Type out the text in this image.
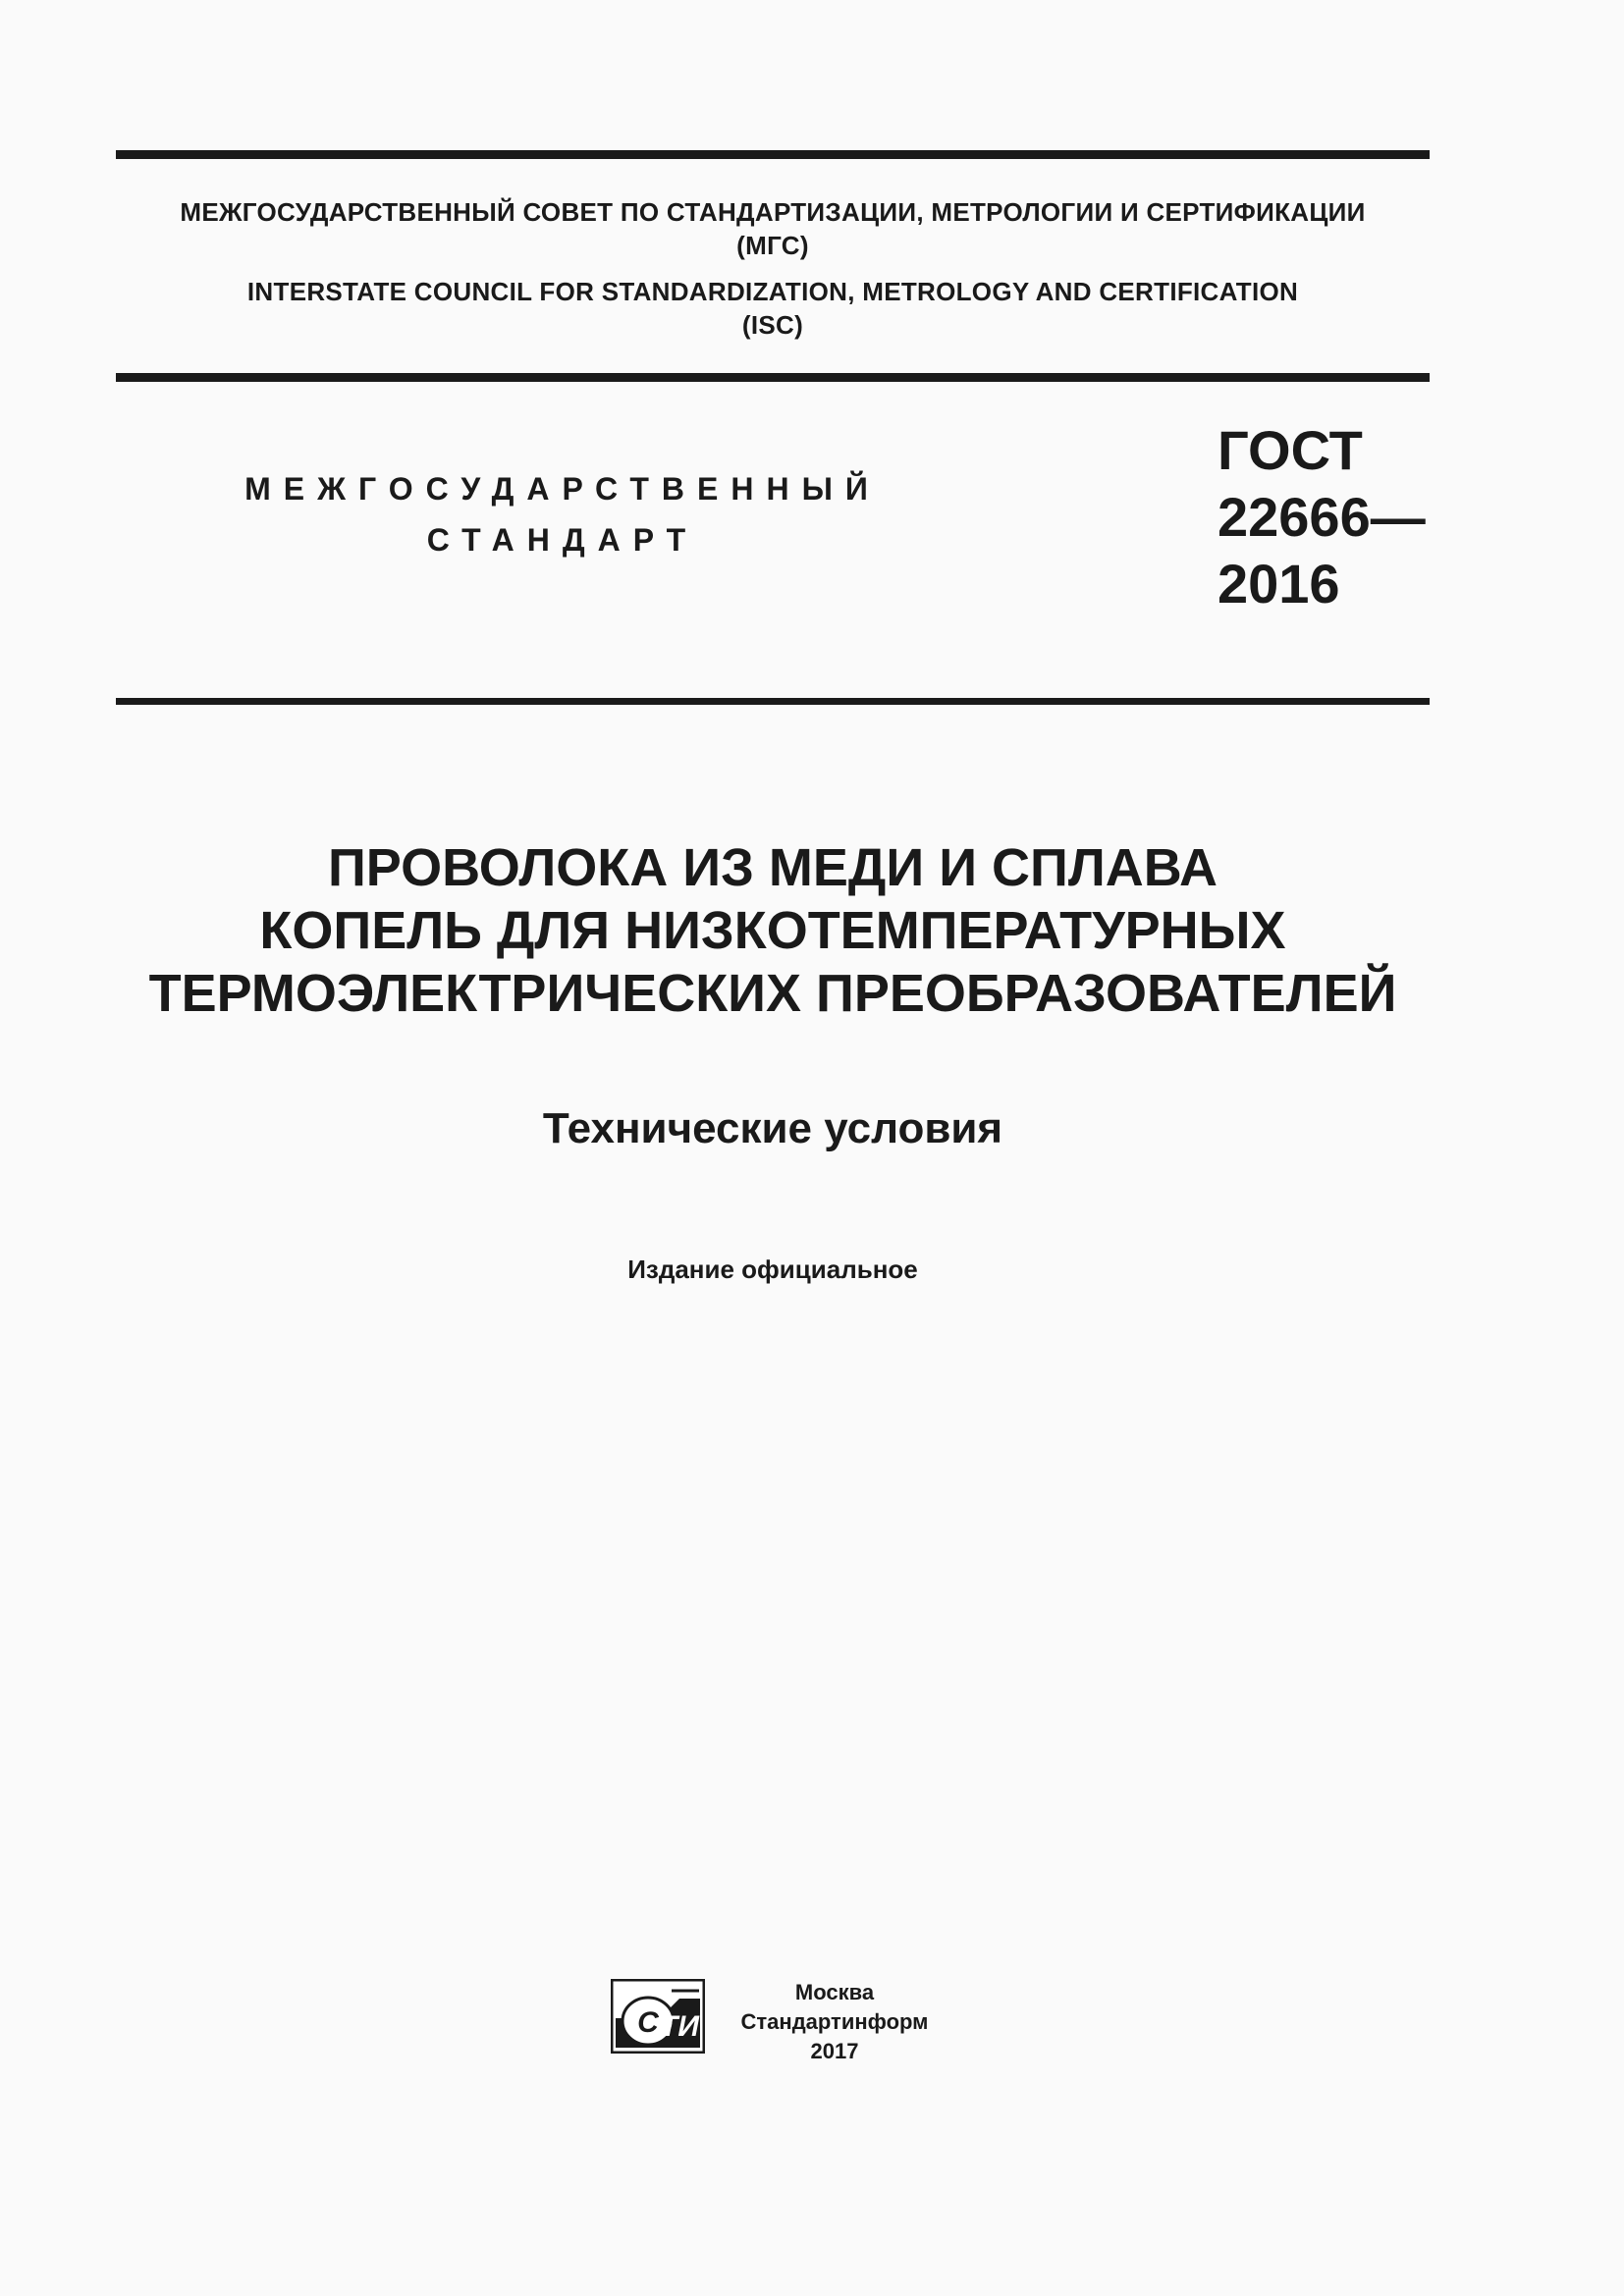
МЕЖГОСУДАРСТВЕННЫЙ СОВЕТ ПО СТАНДАРТИЗАЦИИ, МЕТРОЛОГИИ И СЕРТИФИКАЦИИ
(МГС)
INTERSTATE COUNCIL FOR STANDARDIZATION, METROLOGY AND CERTIFICATION
(ISC)
МЕЖГОСУДАРСТВЕННЫЙ
СТАНДАРТ
ГОСТ
22666—
2016
ПРОВОЛОКА ИЗ МЕДИ И СПЛАВА
КОПЕЛЬ ДЛЯ НИЗКОТЕМПЕРАТУРНЫХ
ТЕРМОЭЛЕКТРИЧЕСКИХ ПРЕОБРАЗОВАТЕЛЕЙ
Технические условия
Издание официальное
С ТИ
Москва
Стандартинформ
2017
